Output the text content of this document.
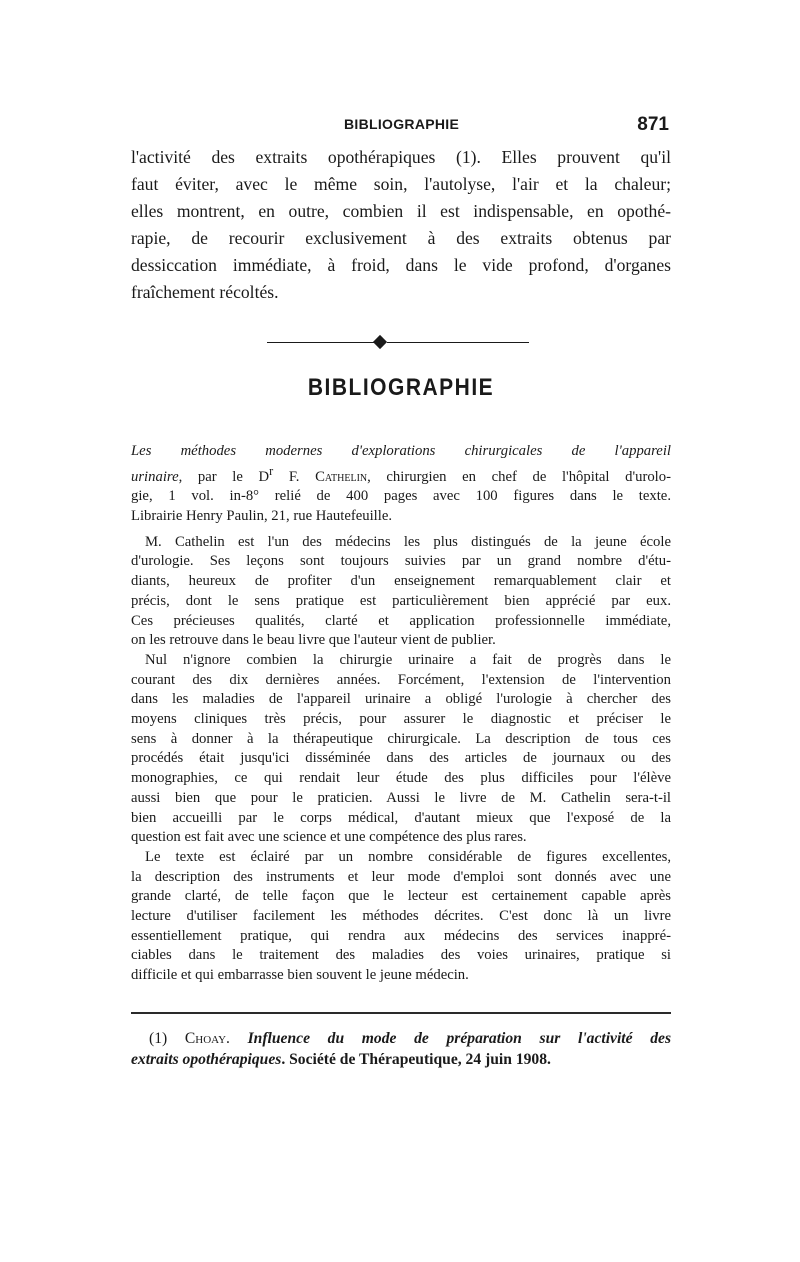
BIBLIOGRAPHIE	871

l'activité des extraits opothérapiques (1). Elles prouvent qu'il
faut éviter, avec le même soin, l'autolyse, l'air et la chaleur;
elles montrent, en outre, combien il est indispensable, en opothé-
rapie, de recourir exclusivement à des extraits obtenus par
dessiccation immédiate, à froid, dans le vide profond, d'organes
fraîchement récoltés.

BIBLIOGRAPHIE
Les méthodes modernes d'explorations chirurgicales de l'appareil
urinaire, par le $D^r$ F. Cathelin, chirurgien en chef de l'hôpital d'urolo-
gie, 1 vol. in-8° relié de 400 pages avec 100 figures dans le texte.
Librairie Henry Paulin, 21, rue Hautefeuille.
M. Cathelin est l'un des médecins les plus distingués de la jeune école
d'urologie. Ses leçons sont toujours suivies par un grand nombre d'étu-
diants, heureux de profiter d'un enseignement remarquablement clair et
précis, dont le sens pratique est particulièrement bien apprécié par eux.
Ces précieuses qualités, clarté et application professionnelle immédiate,
on les retrouve dans le beau livre que l'auteur vient de publier.
Nul n'ignore combien la chirurgie urinaire a fait de progrès dans le
courant des dix dernières années. Forcément, l'extension de l'intervention
dans les maladies de l'appareil urinaire a obligé l'urologie à chercher des
moyens cliniques très précis, pour assurer le diagnostic et préciser le
sens à donner à la thérapeutique chirurgicale. La description de tous ces
procédés était jusqu'ici disséminée dans des articles de journaux ou des
monographies, ce qui rendait leur étude des plus difficiles pour l'élève
aussi bien que pour le praticien. Aussi le livre de M. Cathelin sera-t-il
bien accueilli par le corps médical, d'autant mieux que l'exposé de la
question est fait avec une science et une compétence des plus rares.
Le texte est éclairé par un nombre considérable de figures excellentes,
la description des instruments et leur mode d'emploi sont donnés avec une
grande clarté, de telle façon que le lecteur est certainement capable après
lecture d'utiliser facilement les méthodes décrites. C'est donc là un livre
essentiellement pratique, qui rendra aux médecins des services inappré-
ciables dans le traitement des maladies des voies urinaires, pratique si
difficile et qui embarrasse bien souvent le jeune médecin.
(1) Choay. Influence du mode de préparation sur l'activité des
extraits opothérapiques. Société de Thérapeutique, 24 juin 1908.
